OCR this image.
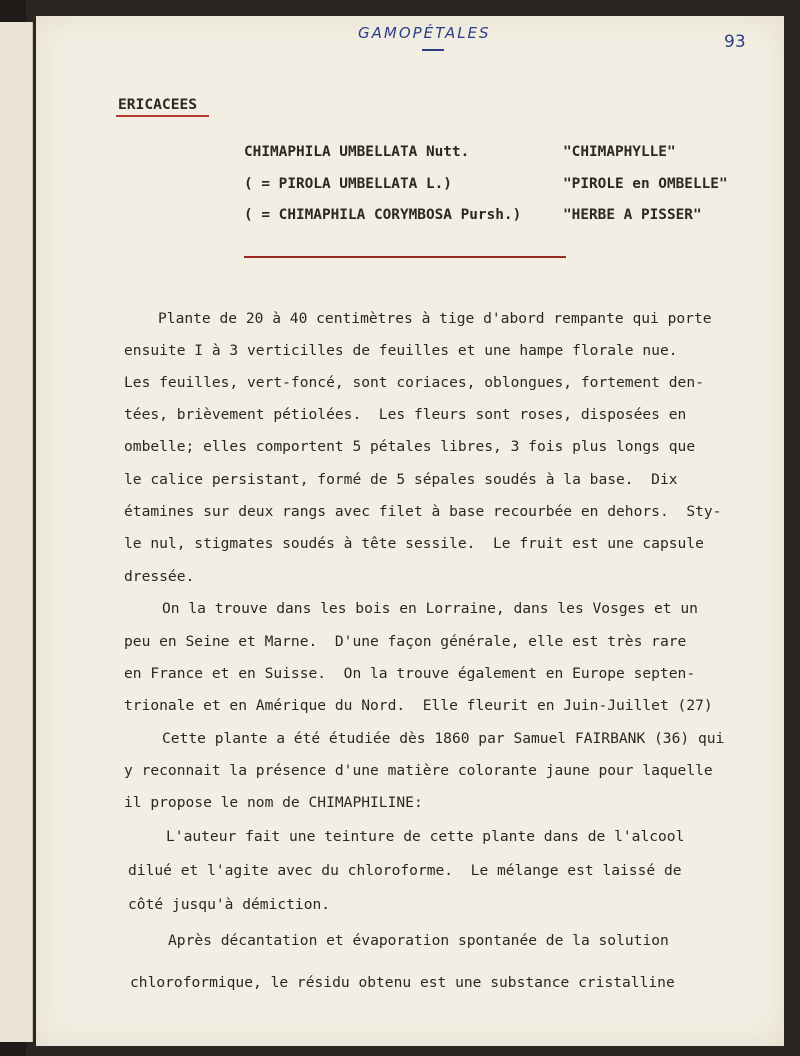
GAMOPÉTALES	93
ERICACEES
CHIMAPHILA UMBELLATA Nutt.
( = PIROLA UMBELLATA L.)
( = CHIMAPHILA CORYMBOSA Pursh.)
"CHIMAPHYLLE"
"PIROLE en OMBELLE"
"HERBE A PISSER"
Plante de 20 à 40 centimètres à tige d'abord rempante qui porte
ensuite I à 3 verticilles de feuilles et une hampe florale nue.
Les feuilles, vert-foncé, sont coriaces, oblongues, fortement den-
tées, brièvement pétiolées.  Les fleurs sont roses, disposées en
ombelle; elles comportent 5 pétales libres, 3 fois plus longs que
le calice persistant, formé de 5 sépales soudés à la base.  Dix
étamines sur deux rangs avec filet à base recourbée en dehors.  Sty-
le nul, stigmates soudés à tête sessile.  Le fruit est une capsule
dressée.
On la trouve dans les bois en Lorraine, dans les Vosges et un
peu en Seine et Marne.  D'une façon générale, elle est très rare
en France et en Suisse.  On la trouve également en Europe septen-
trionale et en Amérique du Nord.  Elle fleurit en Juin-Juillet (27)
Cette plante a été étudiée dès 1860 par Samuel FAIRBANK (36) qui
y reconnait la présence d'une matière colorante jaune pour laquelle
il propose le nom de CHIMAPHILINE:
L'auteur fait une teinture de cette plante dans de l'alcool
dilué et l'agite avec du chloroforme.  Le mélange est laissé de
côté jusqu'à démiction.
Après décantation et évaporation spontanée de la solution
chloroformique, le résidu obtenu est une substance cristalline
